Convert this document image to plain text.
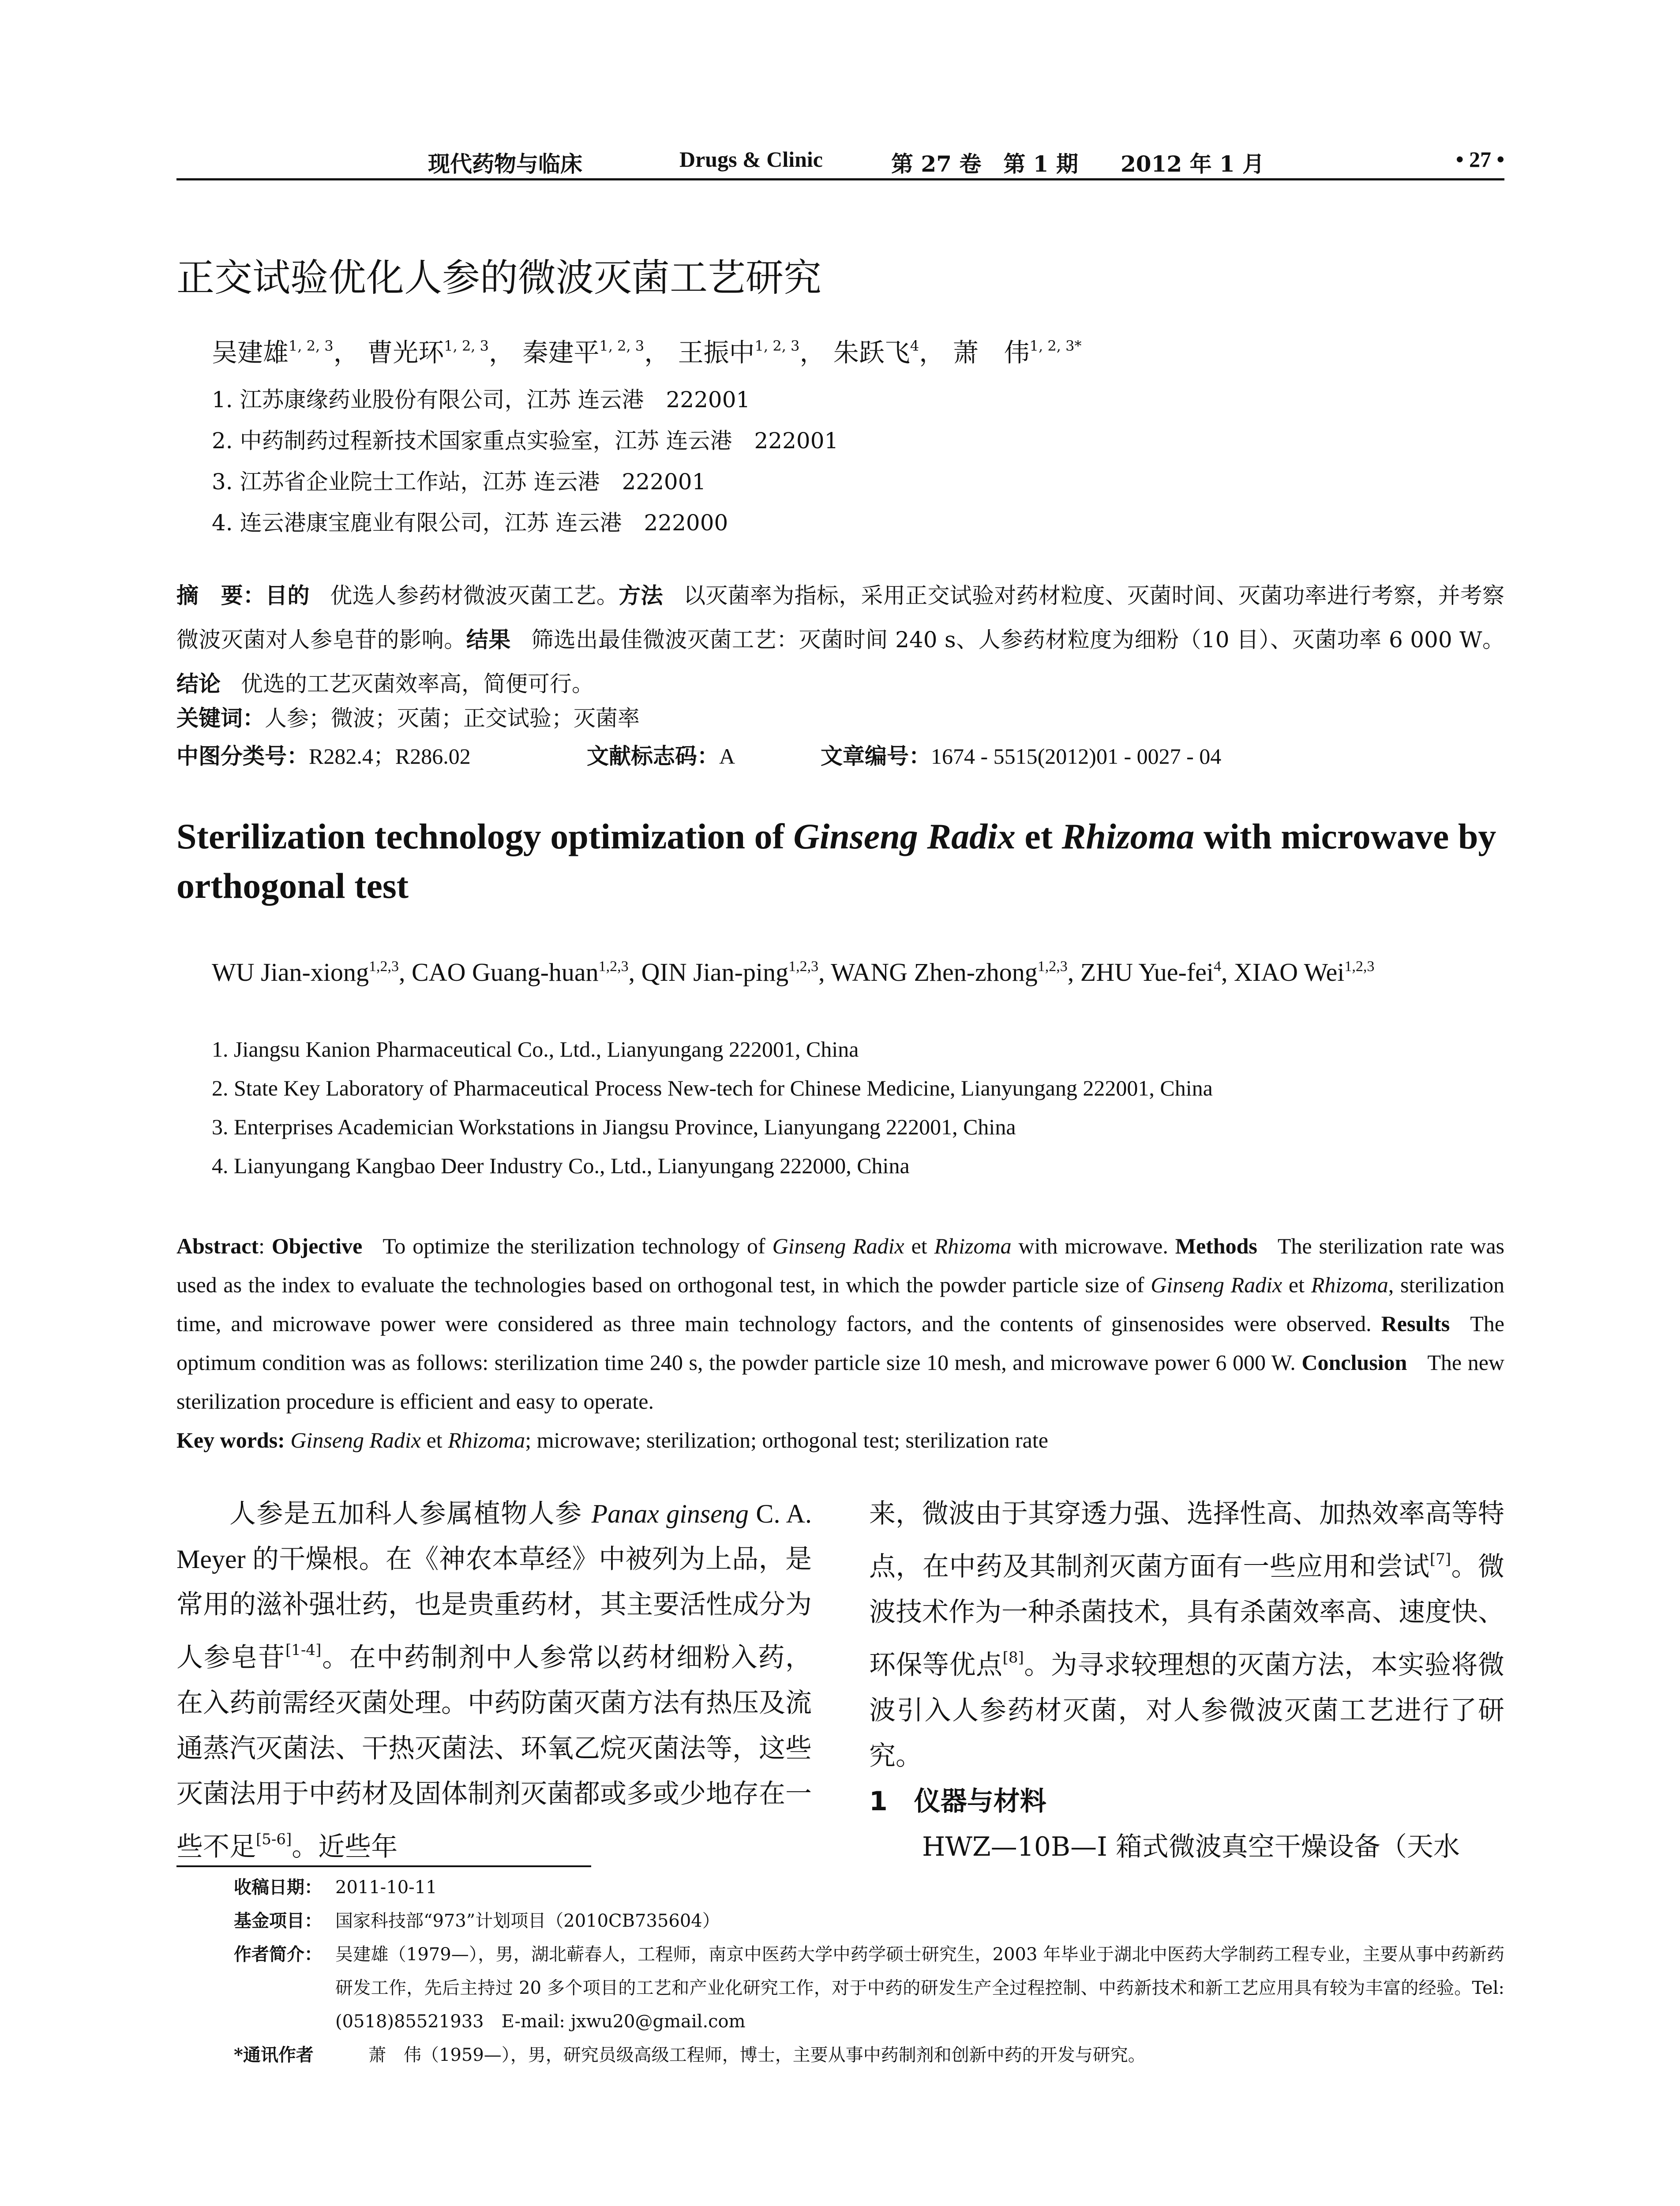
现代药物与临床	Drugs & Clinic	第 27 卷　第 1 期 2012 年 1 月	• 27 •
正交试验优化人参的微波灭菌工艺研究
吴建雄$^{1, 2, 3}$， 曹光环$^{1, 2, 3}$， 秦建平$^{1, 2, 3}$， 王振中$^{1, 2, 3}$， 朱跃飞$^4$， 萧　伟$^{1, 2, 3*}$
1. 江苏康缘药业股份有限公司，江苏 连云港　222001
2. 中药制药过程新技术国家重点实验室，江苏 连云港　222001
3. 江苏省企业院士工作站，江苏 连云港　222001
4. 连云港康宝鹿业有限公司，江苏 连云港　222000
摘　要：目的 优选人参药材微波灭菌工艺。方法 以灭菌率为指标，采用正交试验对药材粒度、灭菌时间、灭菌功率进行考察，并考察微波灭菌对人参皂苷的影响。结果 筛选出最佳微波灭菌工艺：灭菌时间 240 s、人参药材粒度为细粉（10 目）、灭菌功率 6 000 W。结论 优选的工艺灭菌效率高，简便可行。
关键词：人参；微波；灭菌；正交试验；灭菌率
中图分类号： R282.4；R286.02	文献标志码： A	文章编号： 1674 - 5515(2012)01 - 0027 - 04
Sterilization technology optimization of Ginseng Radix et Rhizoma with microwave by orthogonal test
WU Jian-xiong$^{1,2,3}$, CAO Guang-huan$^{1,2,3}$, QIN Jian-ping$^{1,2,3}$, WANG Zhen-zhong$^{1,2,3}$, ZHU Yue-fei$^4$, XIAO Wei$^{1,2,3}$
1. Jiangsu Kanion Pharmaceutical Co., Ltd., Lianyungang 222001, China
2. State Key Laboratory of Pharmaceutical Process New-tech for Chinese Medicine, Lianyungang 222001, China
3. Enterprises Academician Workstations in Jiangsu Province, Lianyungang 222001, China
4. Lianyungang Kangbao Deer Industry Co., Ltd., Lianyungang 222000, China
Abstract: Objective To optimize the sterilization technology of Ginseng Radix et Rhizoma with microwave. Methods The sterilization rate was used as the index to evaluate the technologies based on orthogonal test, in which the powder particle size of Ginseng Radix et Rhizoma, sterilization time, and microwave power were considered as three main technology factors, and the contents of ginsenosides were observed. Results The optimum condition was as follows: sterilization time 240 s, the powder particle size 10 mesh, and microwave power 6 000 W. Conclusion The new sterilization procedure is efficient and easy to operate.
Key words: Ginseng Radix et Rhizoma; microwave; sterilization; orthogonal test; sterilization rate

人参是五加科人参属植物人参 Panax ginseng C. A. Meyer 的干燥根。在《神农本草经》中被列为上品，是常用的滋补强壮药，也是贵重药材，其主要活性成分为人参皂苷[1-4]。在中药制剂中人参常以药材细粉入药，在入药前需经灭菌处理。中药防菌灭菌方法有热压及流通蒸汽灭菌法、干热灭菌法、环氧乙烷灭菌法等，这些灭菌法用于中药材及固体制剂灭菌都或多或少地存在一些不足[5-6]。近些年

来，微波由于其穿透力强、选择性高、加热效率高等特点，在中药及其制剂灭菌方面有一些应用和尝试[7]。微波技术作为一种杀菌技术，具有杀菌效率高、速度快、环保等优点[8]。为寻求较理想的灭菌方法，本实验将微波引入人参药材灭菌，对人参微波灭菌工艺进行了研究。

1　仪器与材料

HWZ—10B—I 箱式微波真空干燥设备（天水

收稿日期： 2011-10-11
基金项目： 国家科技部“973”计划项目（2010CB735604）
作者简介： 吴建雄（1979—），男，湖北蕲春人，工程师，南京中医药大学中药学硕士研究生，2003 年毕业于湖北中医药大学制药工程专业，主要从事中药新药研发工作，先后主持过 20 多个项目的工艺和产业化研究工作，对于中药的研发生产全过程控制、中药新技术和新工艺应用具有较为丰富的经验。Tel: (0518)85521933　E-mail: jxwu20@gmail.com
*通讯作者	萧　伟（1959—），男，研究员级高级工程师，博士，主要从事中药制剂和创新中药的开发与研究。
